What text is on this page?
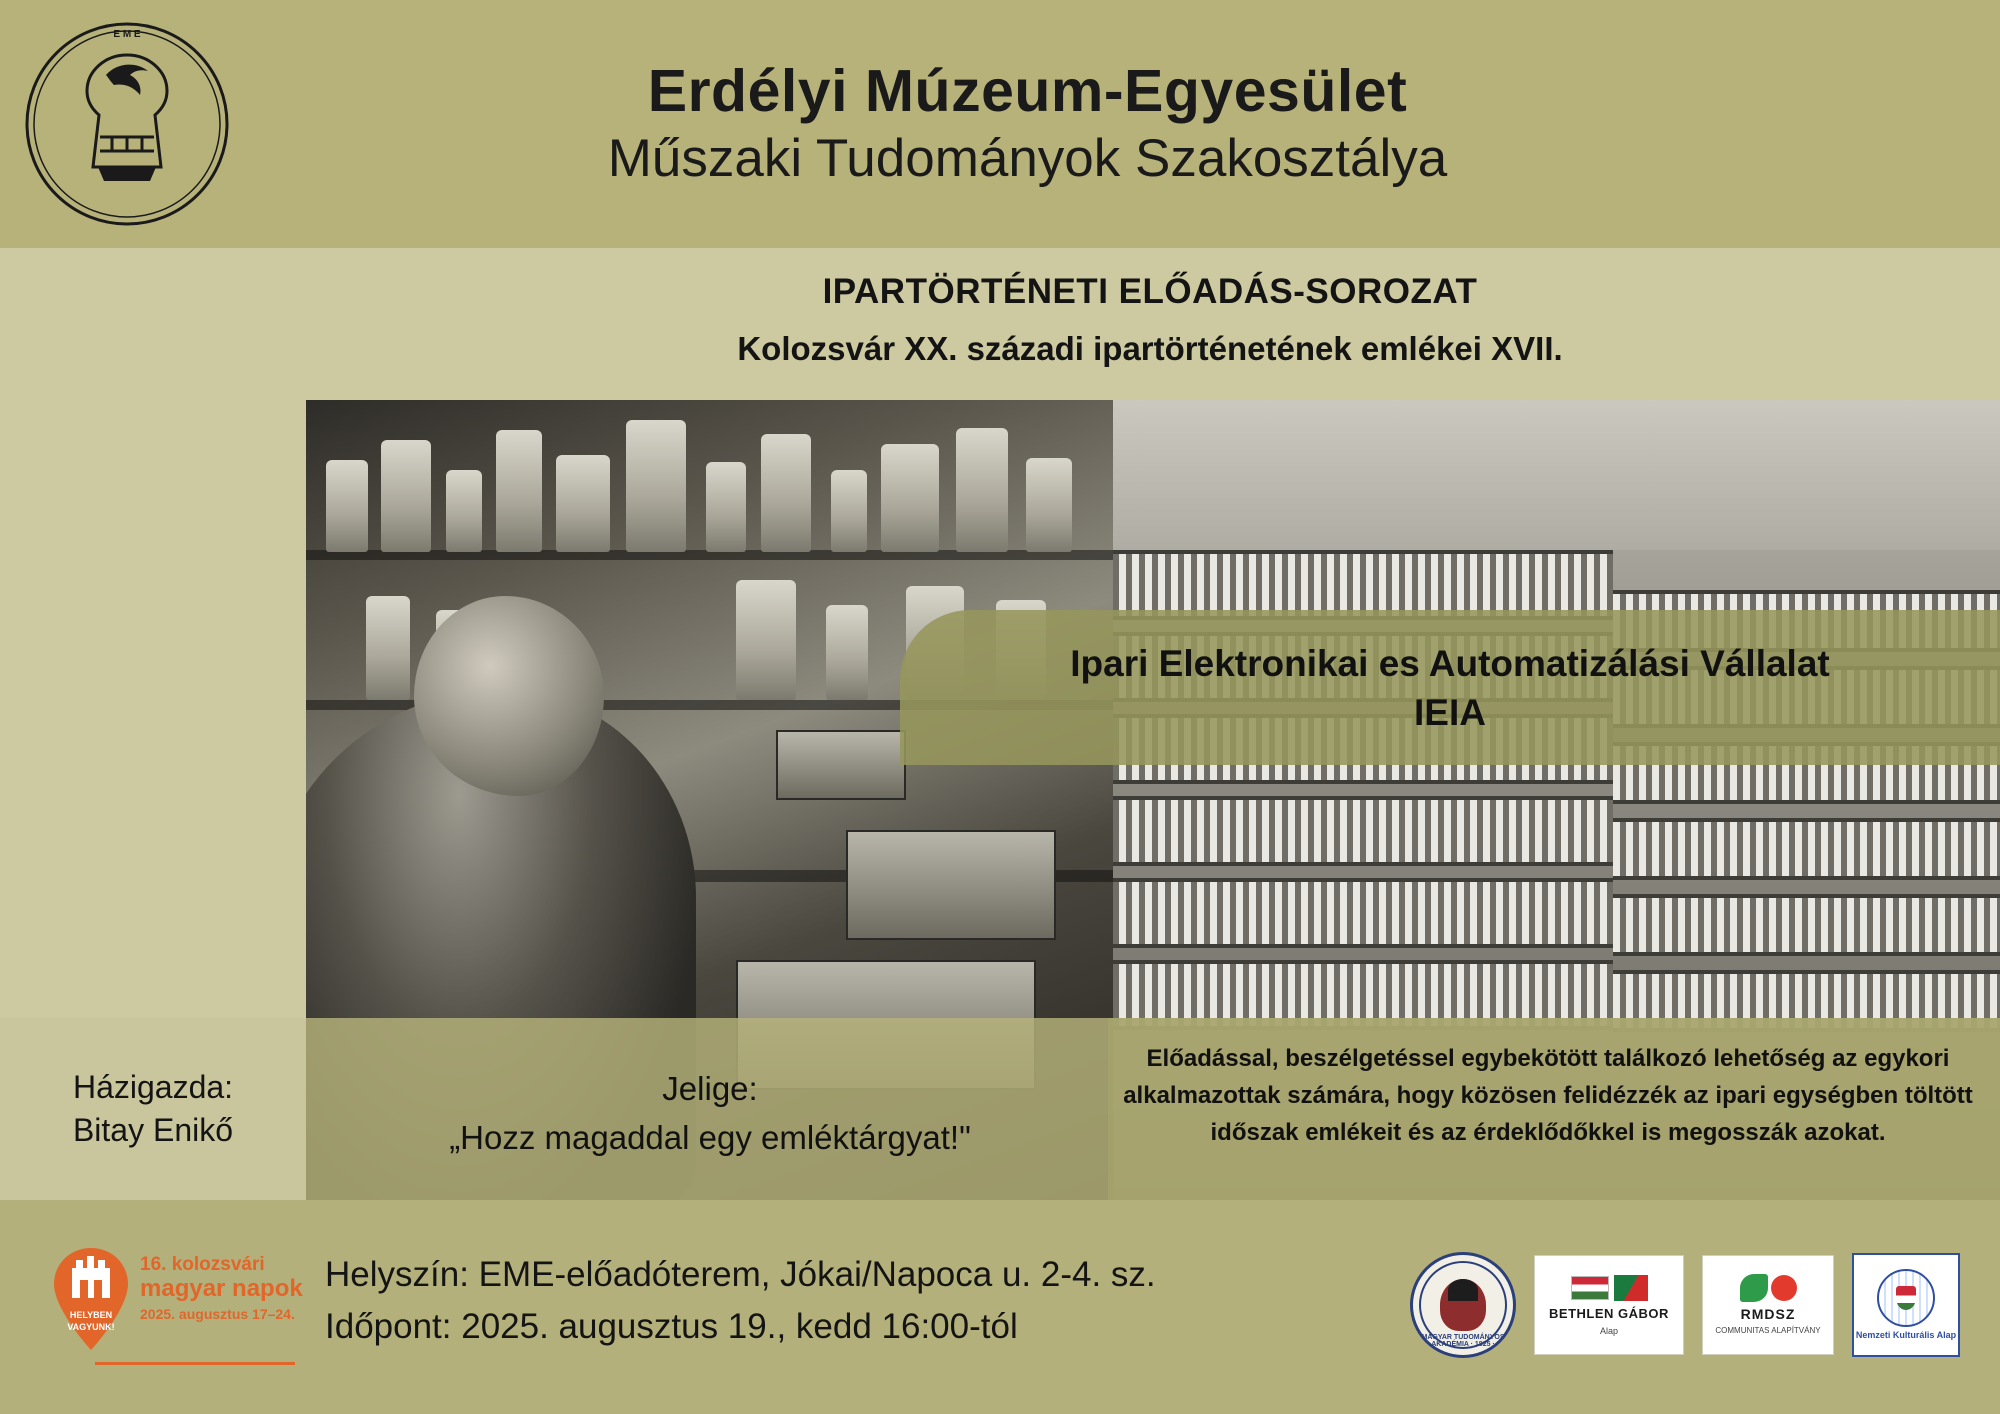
E M E
Erdélyi Múzeum-Egyesület
Műszaki Tudományok Szakosztálya
IPARTÖRTÉNETI ELŐADÁS-SOROZAT
Kolozsvár XX. századi ipartörténetének emlékei XVII.
Ipari Elektronikai es Automatizálási Vállalat
IEIA
Házigazda:
Bitay Enikő
Jelige:
„Hozz magaddal egy emléktárgyat!"
Előadással, beszélgetéssel egybekötött találkozó lehetőség az egykori alkalmazottak számára, hogy közösen felidézzék az ipari egységben töltött időszak emlékeit és az érdeklődőkkel is megosszák azokat.
HELYBEN
VAGYUNK!
16. kolozsvári
magyar napok
2025. augusztus 17–24.
Helyszín: EME-előadóterem, Jókai/Napoca u. 2-4. sz.
Időpont: 2025. augusztus 19., kedd 16:00-tól	MAGYAR TUDOMÁNYOS AKADÉMIA · 1825 ·
BETHLEN GÁBOR
Alap
RMDSZ
COMMUNITAS ALAPÍTVÁNY	Nemzeti Kulturális Alap
